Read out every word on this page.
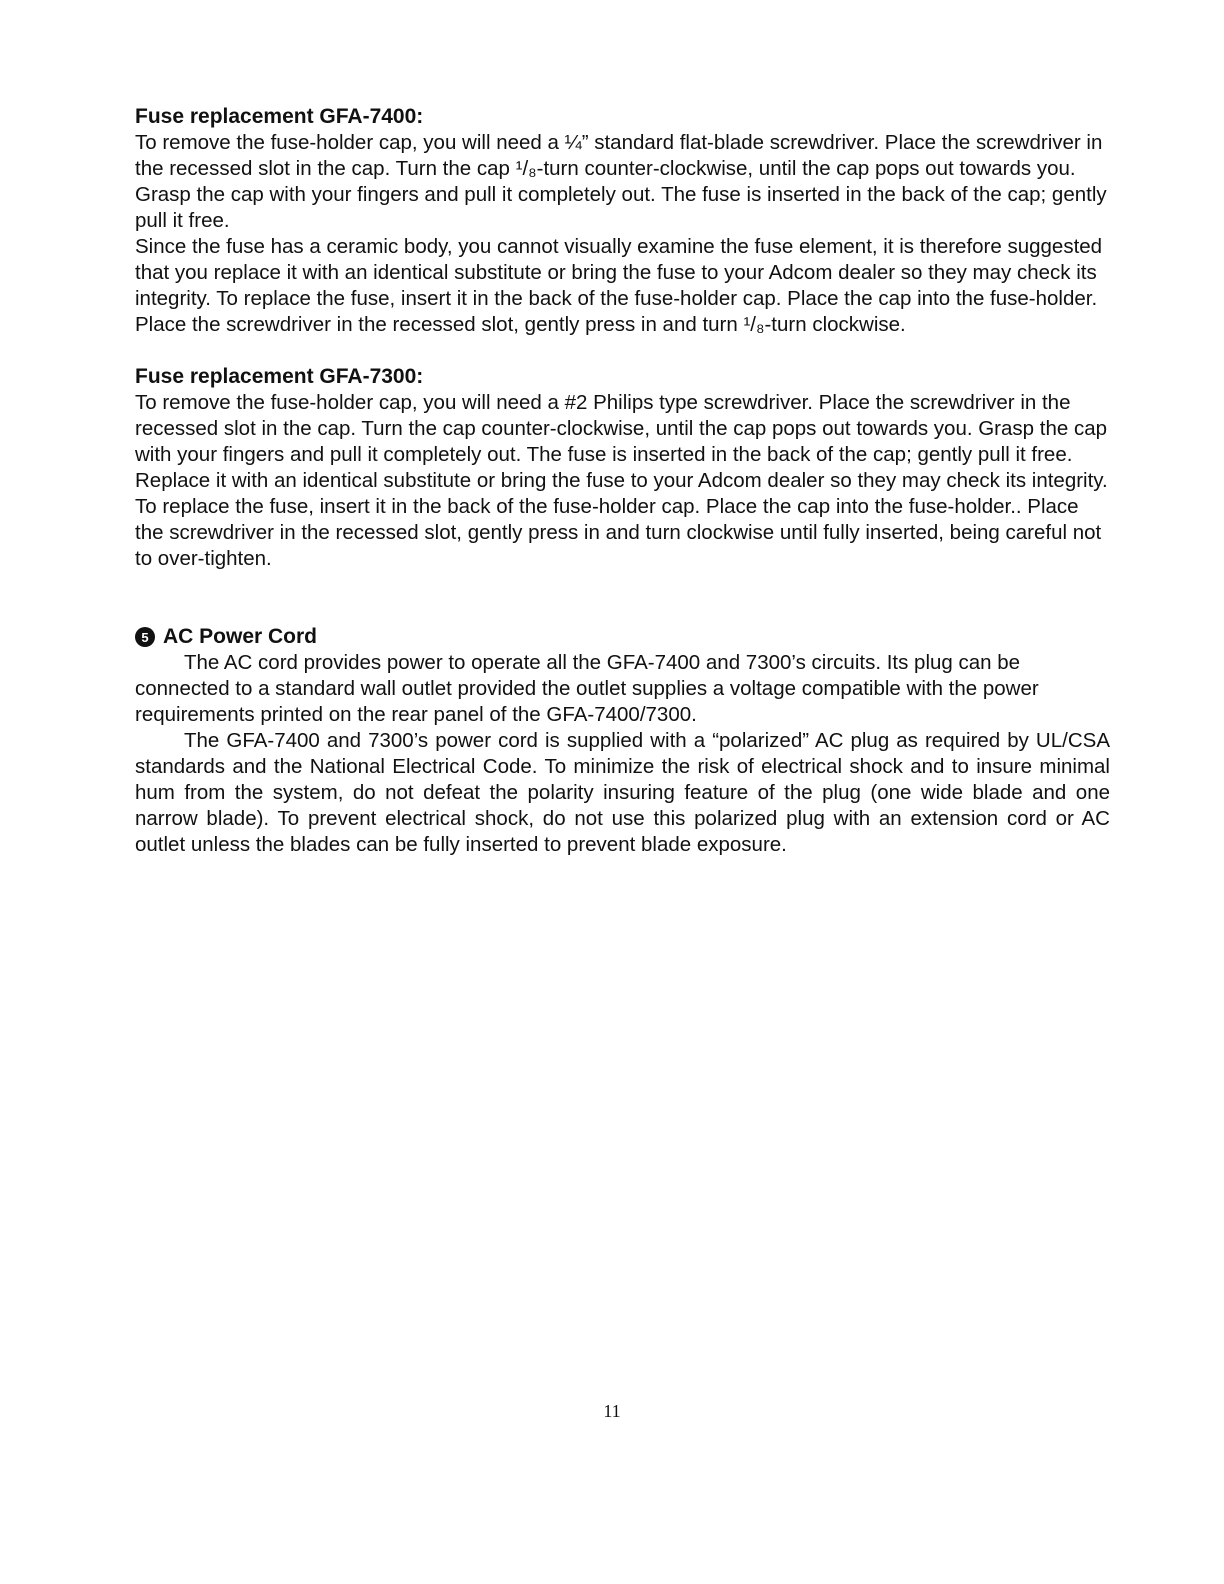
Fuse replacement GFA-7400:

To remove the fuse-holder cap, you will need a ¼” standard flat-blade screwdriver. Place the screwdriver in the recessed slot in the cap. Turn the cap ¹/₈-turn counter-clockwise, until the cap pops out towards you. Grasp the cap with your fingers and pull it completely out. The fuse is inserted in the back of the cap; gently pull it free.

Since the fuse has a ceramic body, you cannot visually examine the fuse element, it is therefore suggested that you replace it with an identical substitute or bring the fuse to your Adcom dealer so they may check its integrity. To replace the fuse, insert it in the back of the fuse-holder cap. Place the cap into the fuse-holder. Place the screwdriver in the recessed slot, gently press in and turn ¹/₈-turn clockwise.

Fuse replacement GFA-7300:

To remove the fuse-holder cap, you will need a #2 Philips type screwdriver. Place the screwdriver in the recessed slot in the cap. Turn the cap counter-clockwise, until the cap pops out towards you. Grasp the cap with your fingers and pull it completely out. The fuse is inserted in the back of the cap; gently pull it free.

Replace it with an identical substitute or bring the fuse to your Adcom dealer so they may check its integrity. To replace the fuse, insert it in the back of the fuse-holder cap. Place the cap into the fuse-holder.. Place the screwdriver in the recessed slot, gently press in and turn clockwise until fully inserted, being careful not to over-tighten.

5 AC Power Cord

The AC cord provides power to operate all the GFA-7400 and 7300’s circuits. Its plug can be connected to a standard wall outlet provided the outlet supplies a voltage compatible with the power requirements printed on the rear panel of the GFA-7400/7300.

The GFA-7400 and 7300’s power cord is supplied with a “polarized” AC plug as required by UL/CSA standards and the National Electrical Code. To minimize the risk of electrical shock and to insure minimal hum from the system, do not defeat the polarity insuring feature of the plug (one wide blade and one narrow blade). To prevent electrical shock, do not use this polarized plug with an extension cord or AC outlet unless the blades can be fully inserted to prevent blade exposure.

11
